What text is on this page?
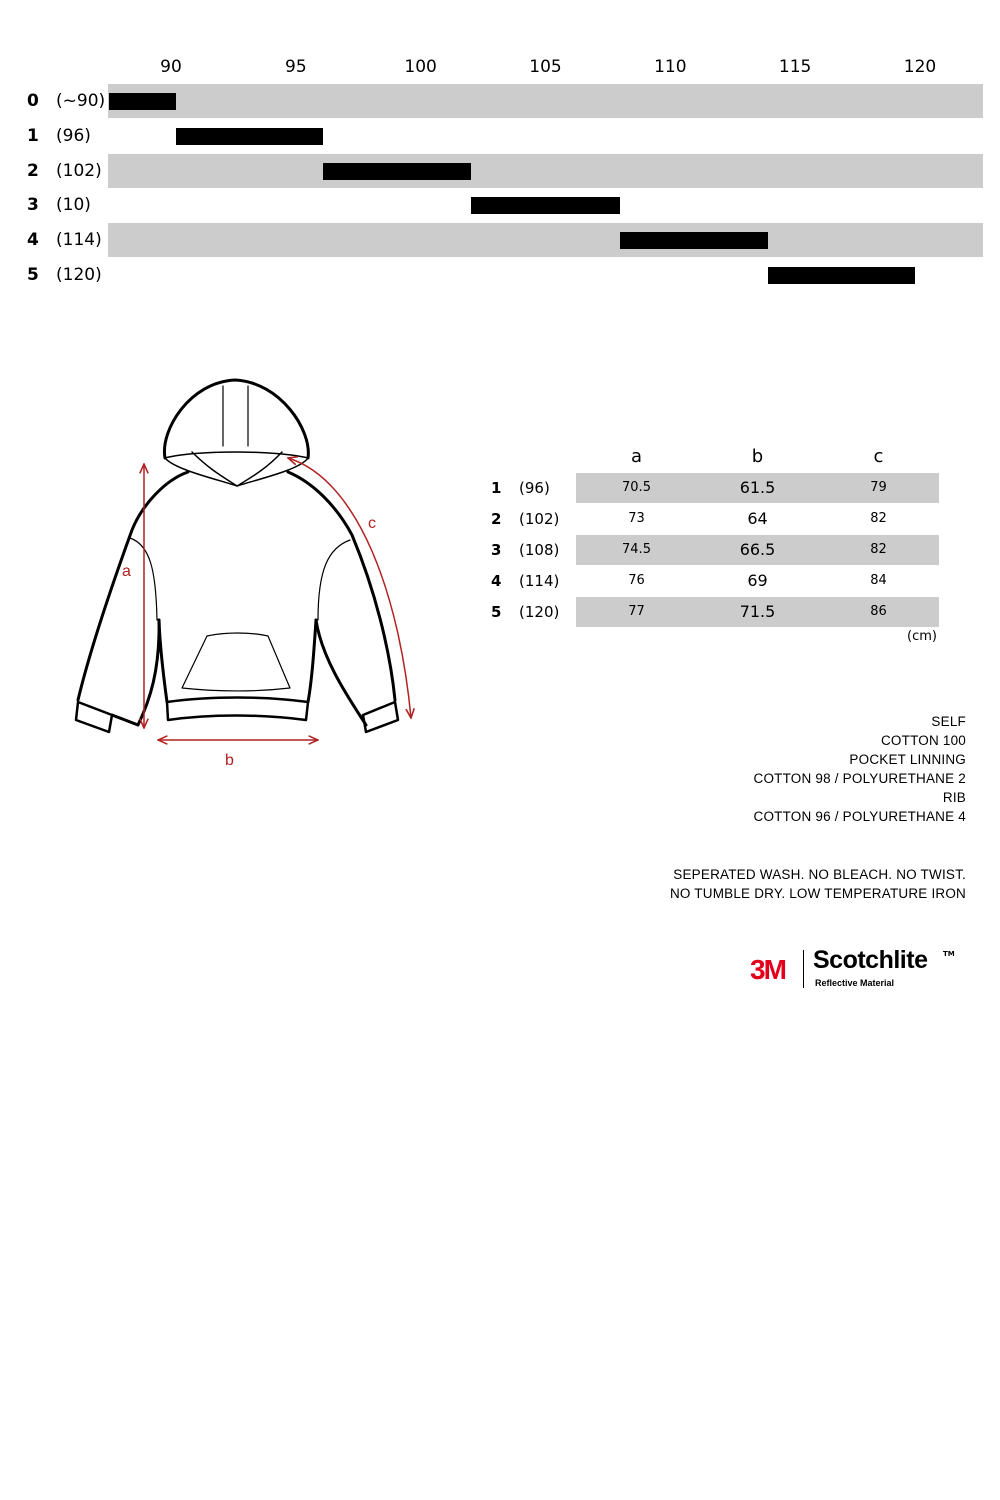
90	95	100	105	110	115	120
0 (~90)
1 (96)
2 (102)
3 (10)
4 (114)
5 (120)
a
b
c
a	b	c
1 (96)	70.5	61.5	79
2 (102)	73	64	82
3 (108)	74.5	66.5	82
4 (114)	76	69	84
5 (120)	77	71.5	86
(cm)
SELF
COTTON 100
POCKET LINNING
COTTON 98 / POLYURETHANE 2
RIB
COTTON 96 / POLYURETHANE 4
SEPERATED WASH. NO BLEACH. NO TWIST.
NO TUMBLE DRY. LOW TEMPERATURE IRON
3M Scotchlite TM
Reflective Material
